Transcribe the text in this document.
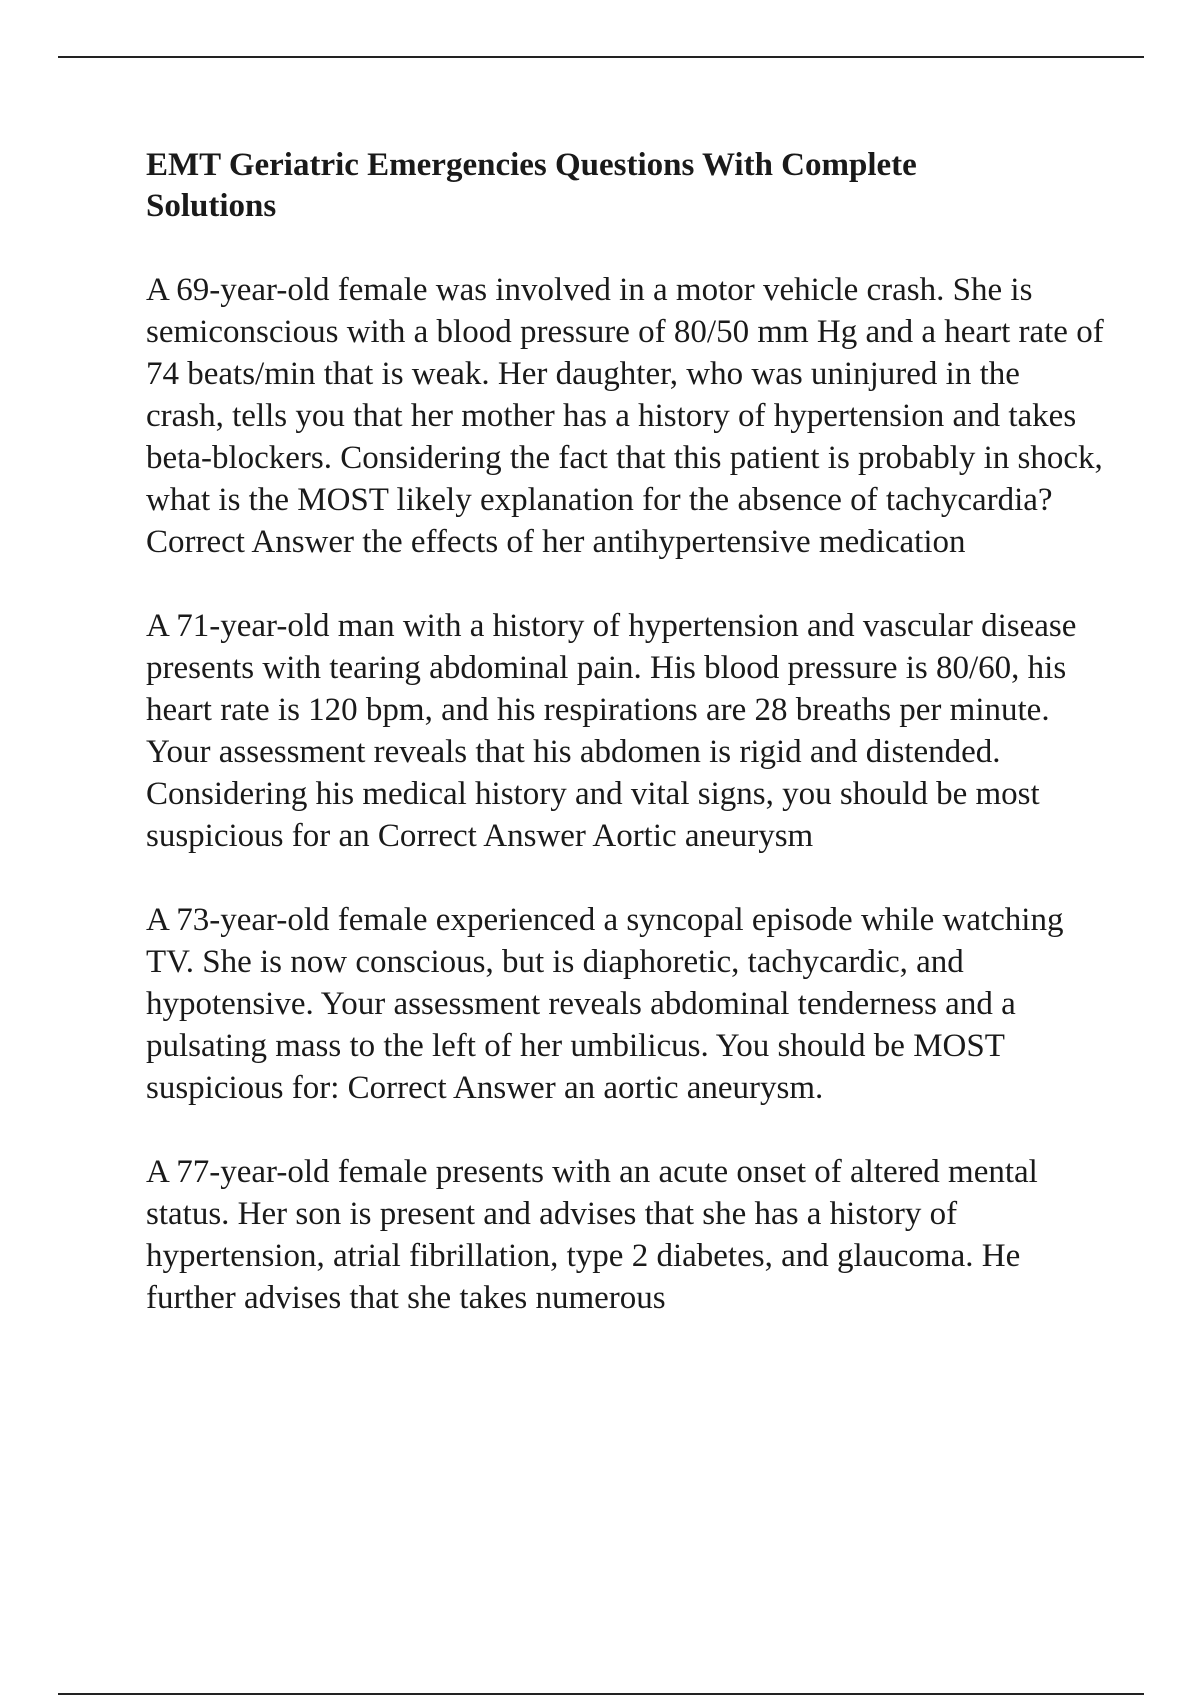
EMT Geriatric Emergencies Questions With Complete Solutions

A 69-year-old female was involved in a motor vehicle crash. She is semiconscious with a blood pressure of 80/50 mm Hg and a heart rate of 74 beats/min that is weak. Her daughter, who was uninjured in the crash, tells you that her mother has a history of hypertension and takes beta-blockers. Considering the fact that this patient is probably in shock, what is the MOST likely explanation for the absence of tachycardia? Correct Answer the effects of her antihypertensive medication

A 71-year-old man with a history of hypertension and vascular disease presents with tearing abdominal pain. His blood pressure is 80/60, his heart rate is 120 bpm, and his respirations are 28 breaths per minute. Your assessment reveals that his abdomen is rigid and distended. Considering his medical history and vital signs, you should be most suspicious for an Correct Answer Aortic aneurysm

A 73-year-old female experienced a syncopal episode while watching TV. She is now conscious, but is diaphoretic, tachycardic, and hypotensive. Your assessment reveals abdominal tenderness and a pulsating mass to the left of her umbilicus. You should be MOST suspicious for: Correct Answer an aortic aneurysm.

A 77-year-old female presents with an acute onset of altered mental status. Her son is present and advises that she has a history of hypertension, atrial fibrillation, type 2 diabetes, and glaucoma. He further advises that she takes numerous
